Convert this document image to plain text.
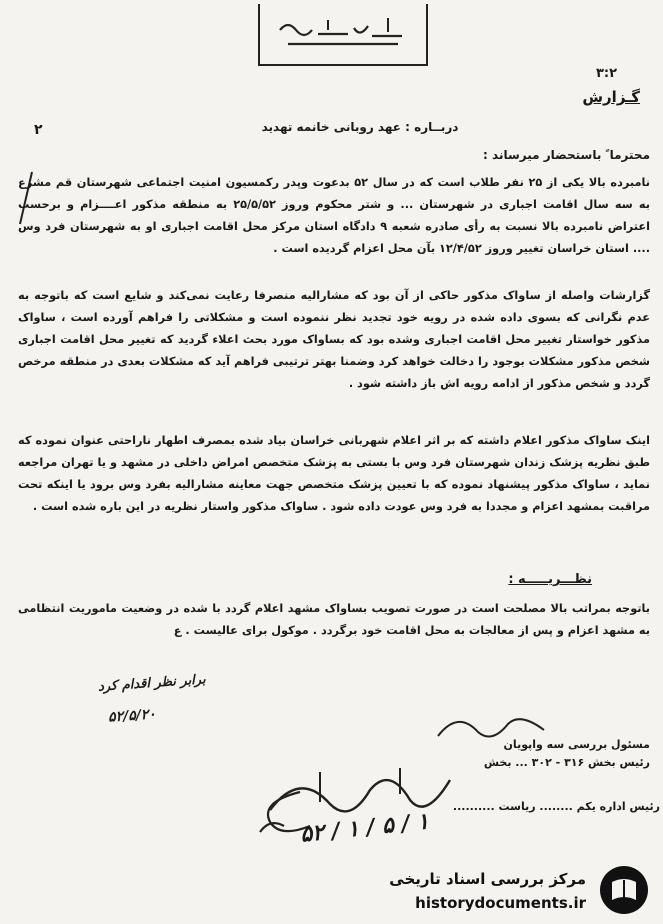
۳:۲
گـزارش
دربــاره : عهد روبانی خانمه تهدید
۲
محترما ً باستحضار میرساند :
نامبرده بالا یکی از ۲۵ نفر طلاب است که در سال ۵۲ بدعوت وپدر رکمسیون امنیت اجتماعی شهرستان قم مشرع به سه سال اقامت اجباری در شهرستان ... و شتر محکوم وروز ۲۵/۵/۵۲ به منطقه مذکور اعــــزام و برحسب اعتراض نامبرده بالا نسبت به رأی صادره شعبه ۹ دادگاه استان مرکز محل اقامت اجباری او به شهرستان فرد وس .... استان خراسان تغییر وروز ۱۲/۴/۵۲ بآن محل اعزام گردیده است .
گزارشات واصله از ساواک مذکور حاکی از آن بود که مشارالیه منصرفا رعایت نمی‌کند و شایع است که باتوجه به عدم نگرانی که بسوی داده شده در رویه خود تجدید نظر ننموده است و مشکلاتی را فراهم آورده است ، ساواک مذکور خواستار تغییر محل اقامت اجباری وشده بود که بساواک مورد بحث اعلاء گردید که تغییر محل اقامت اجباری شخص مذکور مشکلات بوجود را دخالت خواهد کرد وضمنا بهتر ترتیبی فراهم آید که مشکلات بعدی در منطقه مرخص گردد و شخص مذکور از ادامه رویه اش باز داشته شود .
اینک ساواک مذکور اعلام داشته که بر اثر اعلام شهربانی خراسان بیاد شده بمصرف اطهار ناراحتی عنوان نموده که طبق نظریه پزشک زندان شهرستان فرد وس با بستی به پزشک متخصص امراض داخلی در مشهد و یا تهران مراجعه نماید ، ساواک مذکور پیشنهاد نموده که با تعیین پزشک متخصص جهت معاینه مشارالیه بفرد وس برود یا اینکه تحت مراقبت بمشهد اعزام و مجددا به فرد وس عودت داده شود . ساواک مذکور واستار نظریه در این باره شده است .
نظـــریـــــه :
باتوجه بمراتب بالا مصلحت است در صورت تصویب بساواک مشهد اعلام گردد با شده در وضعیت ماموریت انتظامی به مشهد اعزام و پس از معالجات به محل اقامت خود برگردد . موکول برای عالیست . ع
برابر نظر اقدام کرد
۵۲/۵/۲۰
مسئول بررسی سه واپویان
رئیس بخش ۳۱۶ - ۳۰۲ ... بخش
رئیس اداره یکم ........ ریاست ..........
۵۲ / ۱ / ۵ / ۱
مرکز بررسی اسناد تاریخی
historydocuments.ir
